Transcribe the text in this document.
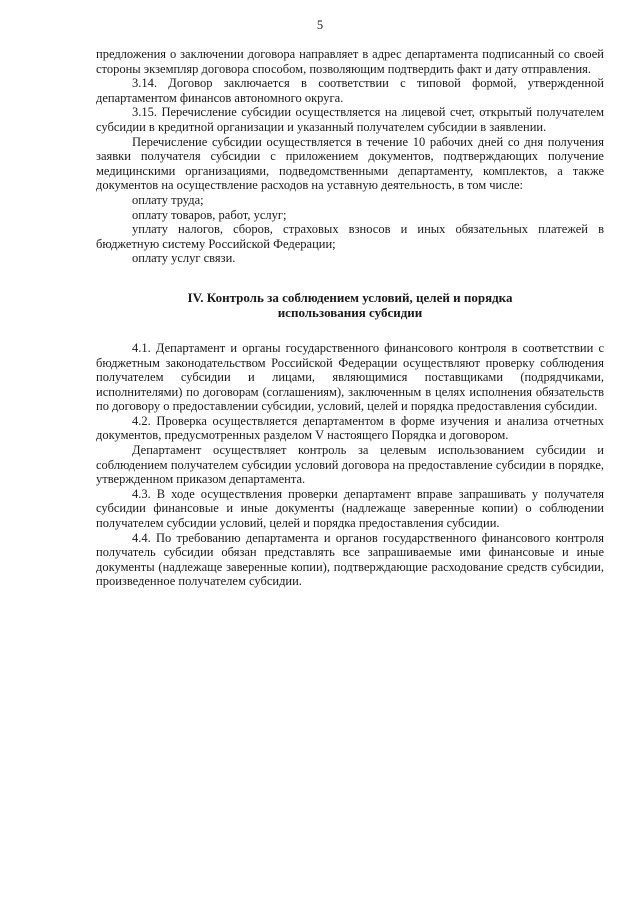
5

предложения о заключении договора направляет в адрес департамента подписанный со своей стороны экземпляр договора способом, позволяющим подтвердить факт и дату отправления.

3.14. Договор заключается в соответствии с типовой формой, утвержденной департаментом финансов автономного округа.

3.15. Перечисление субсидии осуществляется на лицевой счет, открытый получателем субсидии в кредитной организации и указанный получателем субсидии в заявлении.

Перечисление субсидии осуществляется в течение 10 рабочих дней со дня получения заявки получателя субсидии с приложением документов, подтверждающих получение медицинскими организациями, подведомственными департаменту, комплектов, а также документов на осуществление расходов на уставную деятельность, в том числе:

оплату труда;

оплату товаров, работ, услуг;

уплату налогов, сборов, страховых взносов и иных обязательных платежей в бюджетную систему Российской Федерации;

оплату услуг связи.

IV. Контроль за соблюдением условий, целей и порядка
использования субсидии

4.1. Департамент и органы государственного финансового контроля в соответствии с бюджетным законодательством Российской Федерации осуществляют проверку соблюдения получателем субсидии и лицами, являющимися поставщиками (подрядчиками, исполнителями) по договорам (соглашениям), заключенным в целях исполнения обязательств по договору о предоставлении субсидии, условий, целей и порядка предоставления субсидии.

4.2. Проверка осуществляется департаментом в форме изучения и анализа отчетных документов, предусмотренных разделом V настоящего Порядка и договором.

Департамент осуществляет контроль за целевым использованием субсидии и соблюдением получателем субсидии условий договора на предоставление субсидии в порядке, утвержденном приказом департамента.

4.3. В ходе осуществления проверки департамент вправе запрашивать у получателя субсидии финансовые и иные документы (надлежаще заверенные копии) о соблюдении получателем субсидии условий, целей и порядка предоставления субсидии.

4.4. По требованию департамента и органов государственного финансового контроля получатель субсидии обязан представлять все запрашиваемые ими финансовые и иные документы (надлежаще заверенные копии), подтверждающие расходование средств субсидии, произведенное получателем субсидии.
